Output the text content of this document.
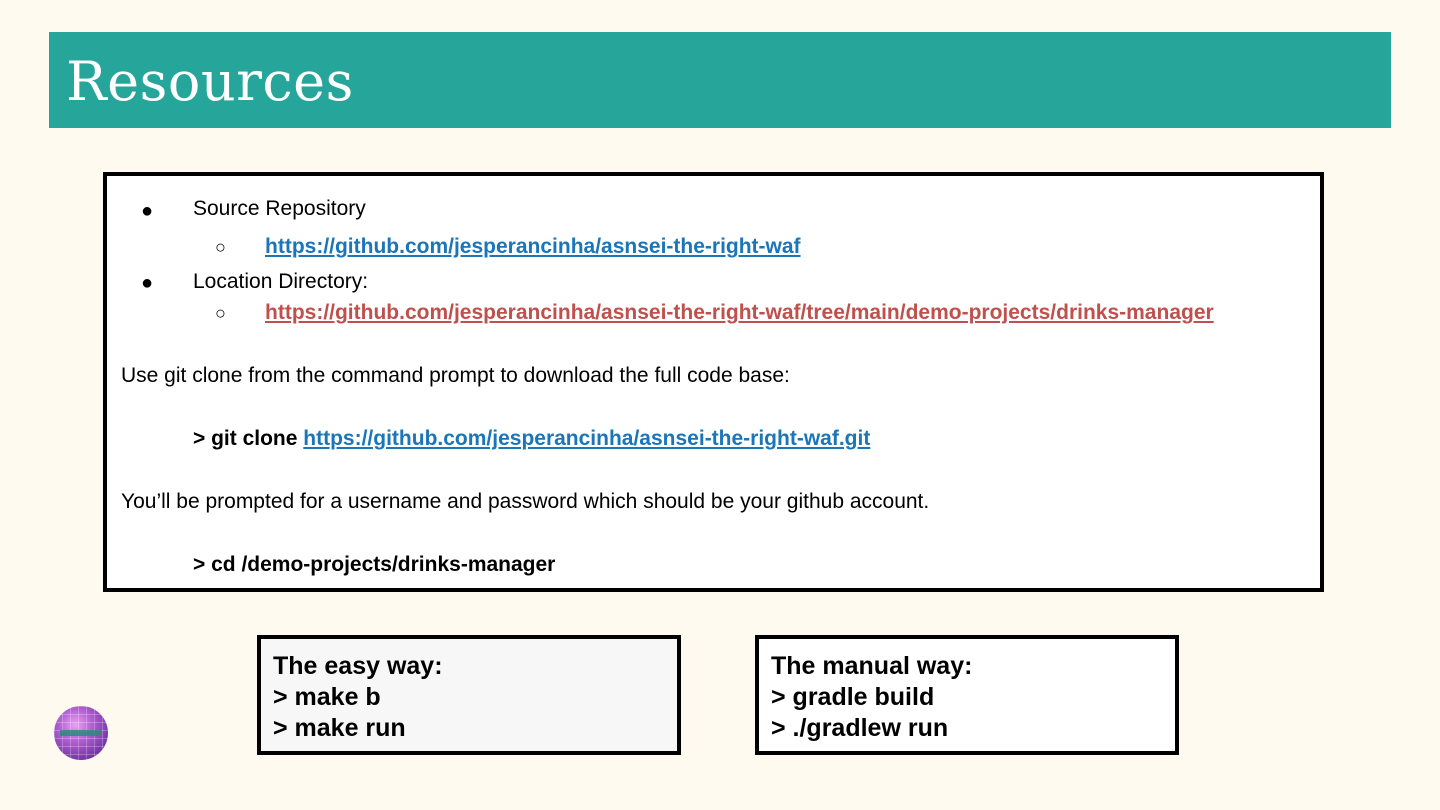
Resources
● Source Repository
○ https://github.com/jesperancinha/asnsei-the-right-waf
● Location Directory:
○ https://github.com/jesperancinha/asnsei-the-right-waf/tree/main/demo-projects/drinks-manager
Use git clone from the command prompt to download the full code base:
> git clone https://github.com/jesperancinha/asnsei-the-right-waf.git
You’ll be prompted for a username and password which should be your github account.
> cd /demo-projects/drinks-manager
The easy way:
> make b
> make run
The manual way:
> gradle build
> ./gradlew run
